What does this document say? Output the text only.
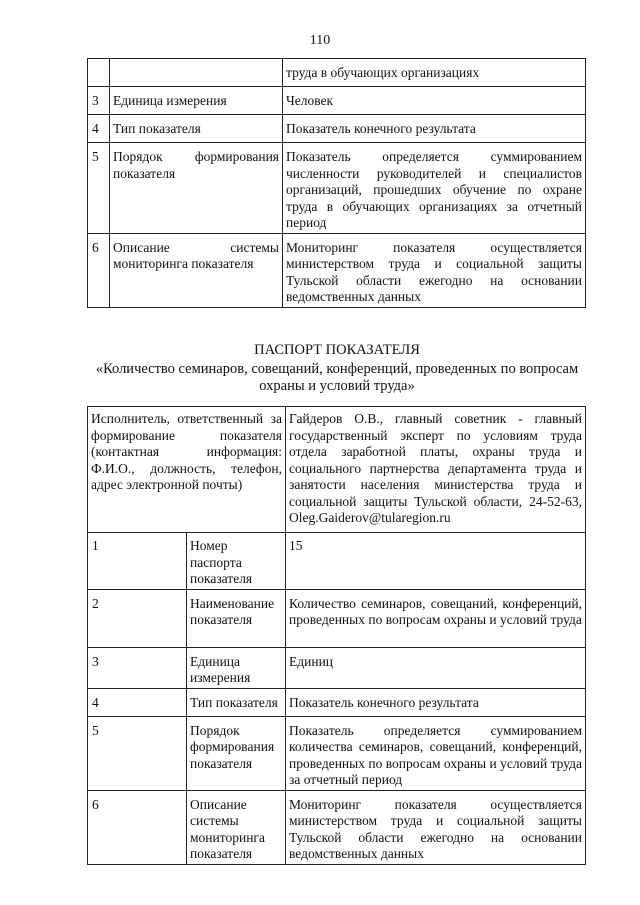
110
		труда в обучающих организациях
3	Единица измерения	Человек
4	Тип показателя	Показатель конечного результата
5	Порядок формирования показателя	Показатель определяется суммированием численности руководителей и специалистов организаций, прошедших обучение по охране труда в обучающих организациях за отчетный период
6	Описание системы мониторинга показателя	Мониторинг показателя осуществляется министерством труда и социальной защиты Тульской области ежегодно на основании ведомственных данных
ПАСПОРТ ПОКАЗАТЕЛЯ
«Количество семинаров, совещаний, конференций, проведенных по вопросам
охраны и условий труда»
Исполнитель, ответственный за формирование показателя (контактная информация: Ф.И.О., должность, телефон, адрес электронной почты)		Гайдеров О.В., главный советник - главный государственный эксперт по условиям труда отдела заработной платы, охраны труда и социального партнерства департамента труда и занятости населения министерства труда и социальной защиты Тульской области, 24-52-63, Oleg.Gaiderov@tularegion.ru
1	Номер паспорта показателя	15
2	Наименование показателя	Количество семинаров, совещаний, конференций, проведенных по вопросам охраны и условий труда
3	Единица измерения	Единиц
4	Тип показателя	Показатель конечного результата
5	Порядок формирования показателя	Показатель определяется суммированием количества семинаров, совещаний, конференций, проведенных по вопросам охраны и условий труда за отчетный период
6	Описание системы мониторинга показателя	Мониторинг показателя осуществляется министерством труда и социальной защиты Тульской области ежегодно на основании ведомственных данных
